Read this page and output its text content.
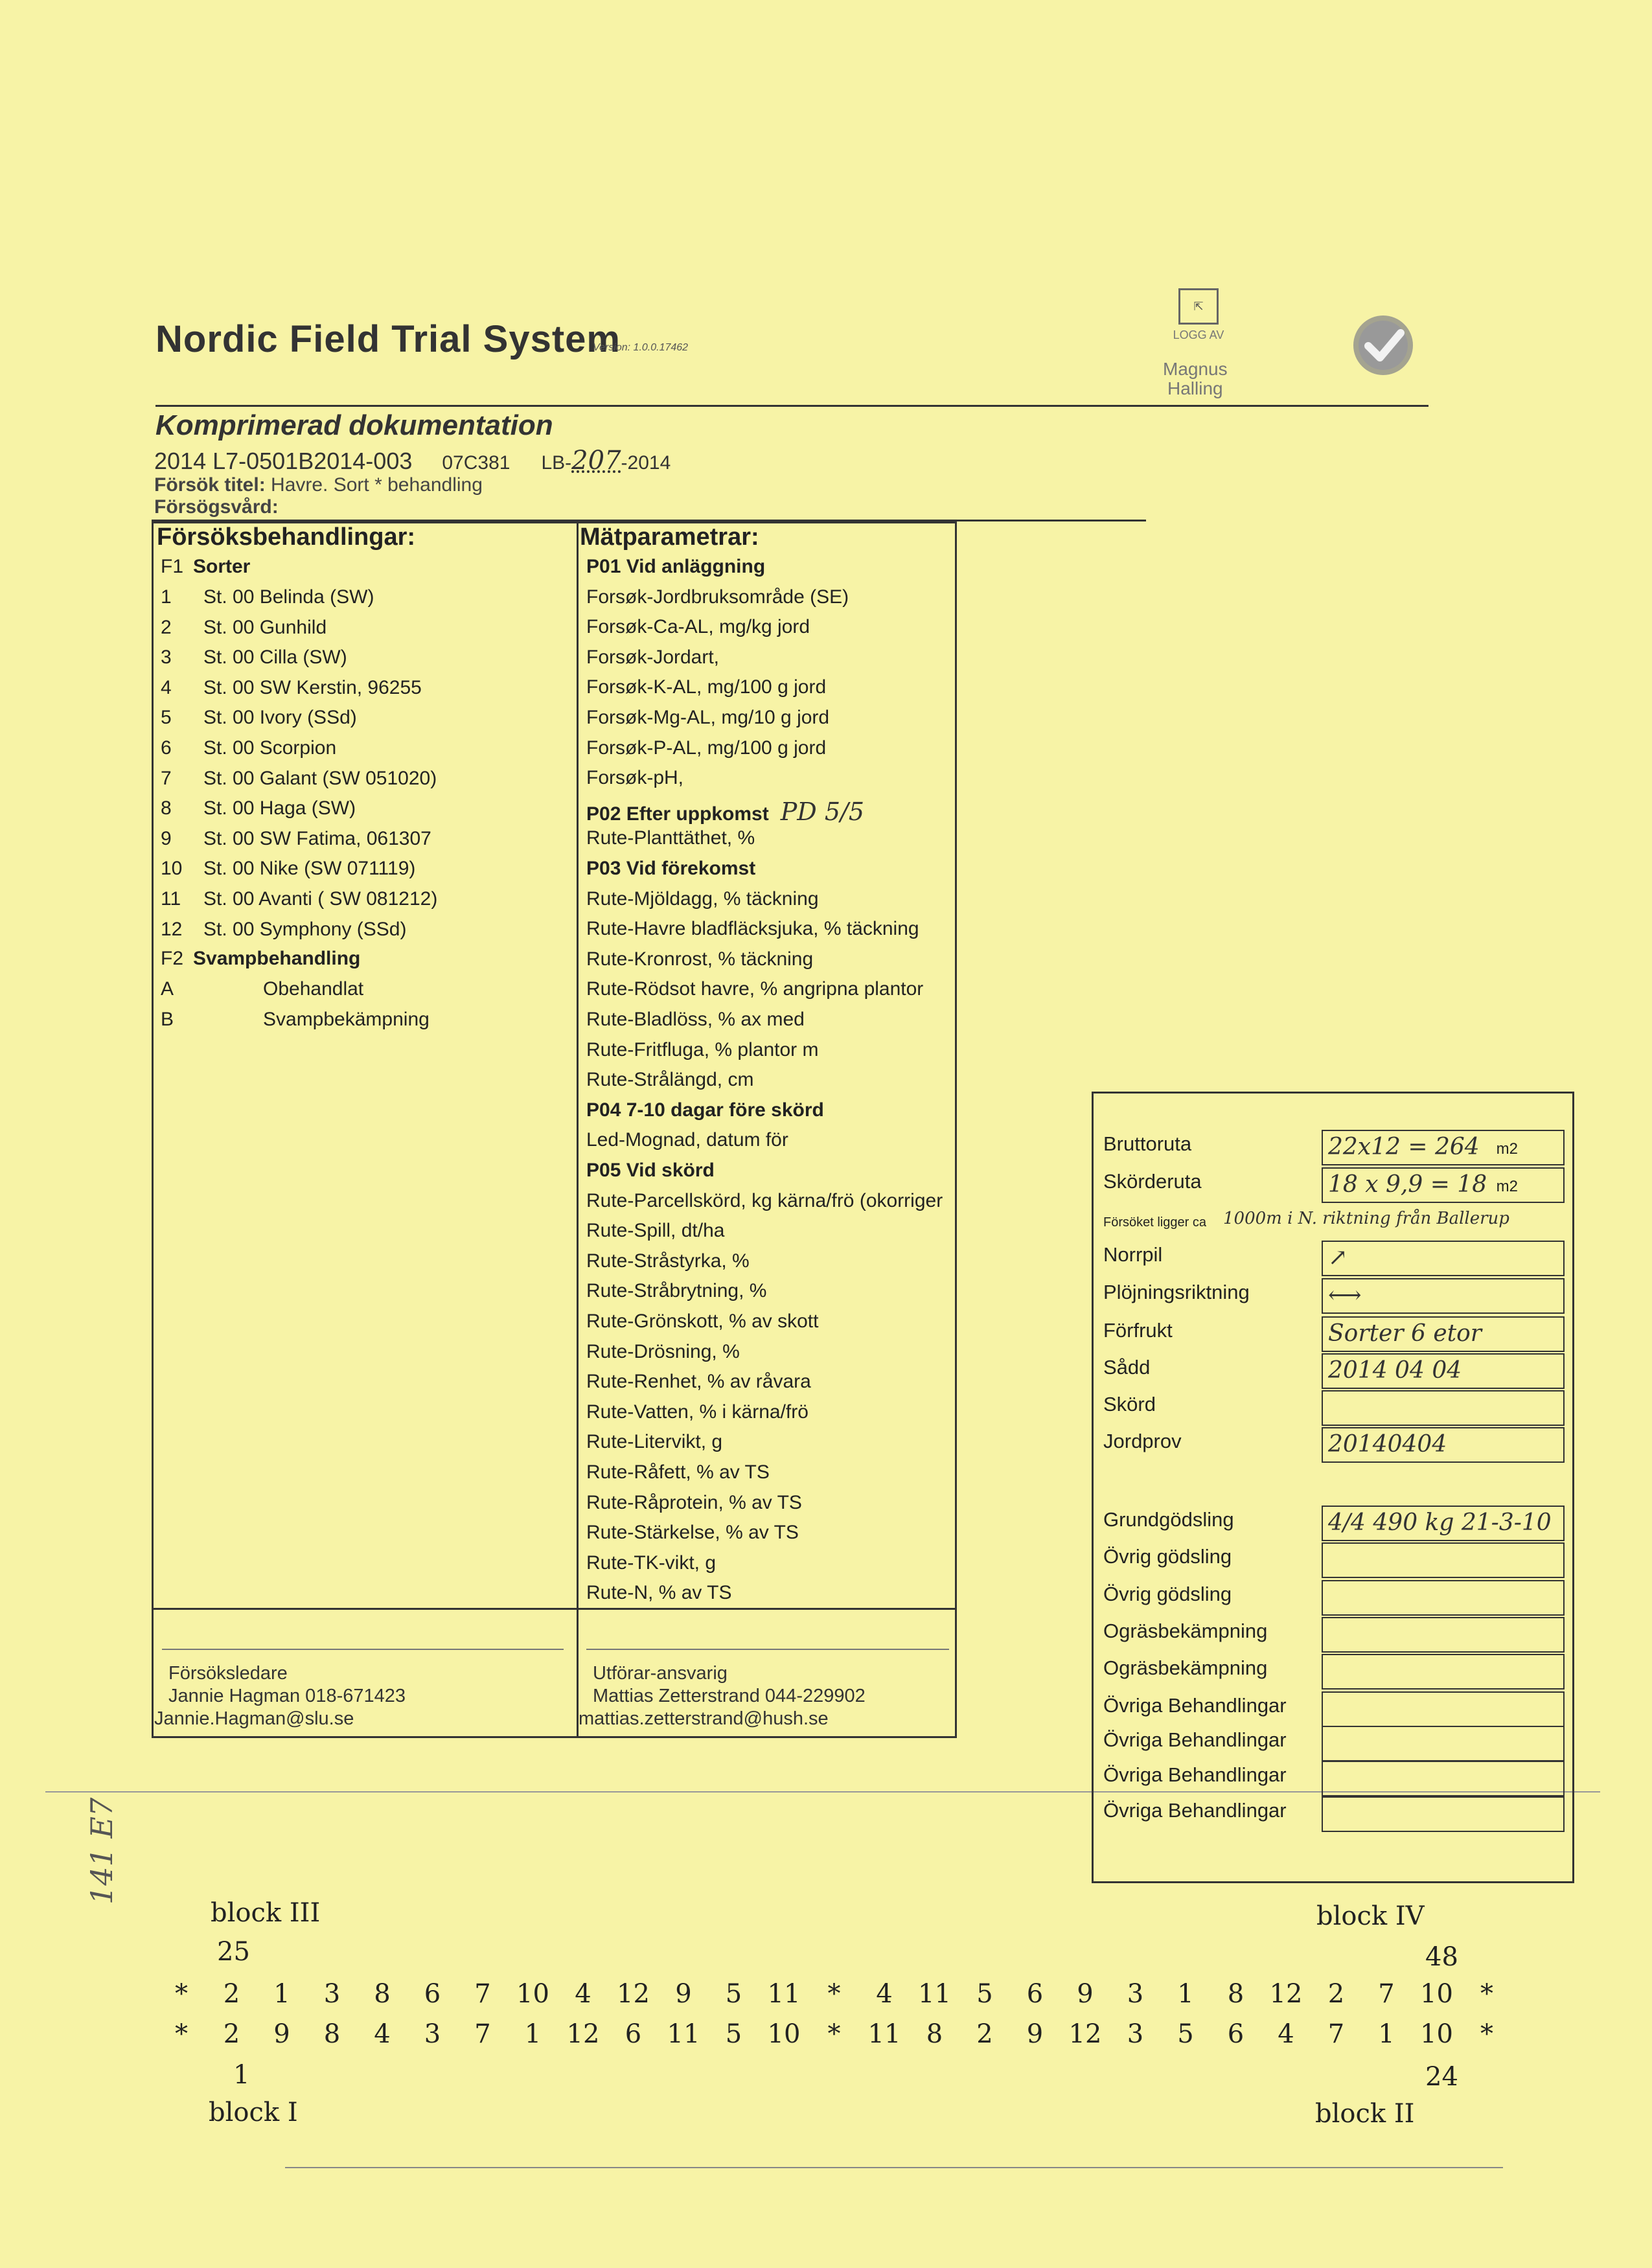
Nordic Field Trial System
Version: 1.0.0.17462
⇱
LOGG AV
Magnus
Halling
Komprimerad dokumentation
2014 L7-0501B2014-003 07C381 LB-207-2014
Försök titel: Havre. Sort * behandling
Försögsvård:
Försöksbehandlingar:
F1 Sorter
1 St. 00 Belinda (SW)
2 St. 00 Gunhild
3 St. 00 Cilla (SW)
4 St. 00 SW Kerstin, 96255
5 St. 00 Ivory (SSd)
6 St. 00 Scorpion
7 St. 00 Galant (SW 051020)
8 St. 00 Haga (SW)
9 St. 00 SW Fatima, 061307
10 St. 00 Nike (SW 071119)
11 St. 00 Avanti ( SW 081212)
12 St. 00 Symphony (SSd)
F2 Svampbehandling
A	Obehandlat
B	Svampbekämpning
Mätparametrar:
P01 Vid anläggning
Forsøk-Jordbruksområde (SE)
Forsøk-Ca-AL, mg/kg jord
Forsøk-Jordart,
Forsøk-K-AL, mg/100 g jord
Forsøk-Mg-AL, mg/10 g jord
Forsøk-P-AL, mg/100 g jord
Forsøk-pH,
P02 Efter uppkomst PD 5/5
Rute-Planttäthet, %
P03 Vid förekomst
Rute-Mjöldagg, % täckning
Rute-Havre bladfläcksjuka, % täckning
Rute-Kronrost, % täckning
Rute-Rödsot havre, % angripna plantor
Rute-Bladlöss, % ax med
Rute-Fritfluga, % plantor m
Rute-Strålängd, cm
P04 7-10 dagar före skörd
Led-Mognad, datum för
P05 Vid skörd
Rute-Parcellskörd, kg kärna/frö (okorriger
Rute-Spill, dt/ha
Rute-Stråstyrka, %
Rute-Stråbrytning, %
Rute-Grönskott, % av skott
Rute-Drösning, %
Rute-Renhet, % av råvara
Rute-Vatten, % i kärna/frö
Rute-Litervikt, g
Rute-Råfett, % av TS
Rute-Råprotein, % av TS
Rute-Stärkelse, % av TS
Rute-TK-vikt, g
Rute-N, % av TS
Försöksledare
Jannie Hagman 018-671423
Jannie.Hagman@slu.se
Utförar-ansvarig
Mattias Zetterstrand 044-229902
mattias.zetterstrand@hush.se
Bruttoruta	22x12 = 264 m2
Skörderuta	18 x 9,9 = 18 m2
Försöket ligger ca 1000m i N. riktning från Ballerup
Norrpil	↗
Plöjningsriktning	⟷
Förfrukt	Sorter 6 etor
Sådd	2014 04 04
Skörd
Jordprov	20140404
Grundgödsling	4/4 490 kg 21-3-10
Övrig gödsling
Övrig gödsling
Ogräsbekämpning
Ogräsbekämpning
Övriga Behandlingar
Övriga Behandlingar
Övriga Behandlingar
Övriga Behandlingar
141 E7
block III	block IV
25	48
*	2	1	3	8	6	7 10 4 12 9	5 11	*	4 11 5	6	9	3	1	8 12 2	7 10	*
*	2	9	8	4	3	7	1 12 6 11 5 10	*	11 8	2	9 12 3	5	6	4	7	1 10	*
1	24
block I	block II
